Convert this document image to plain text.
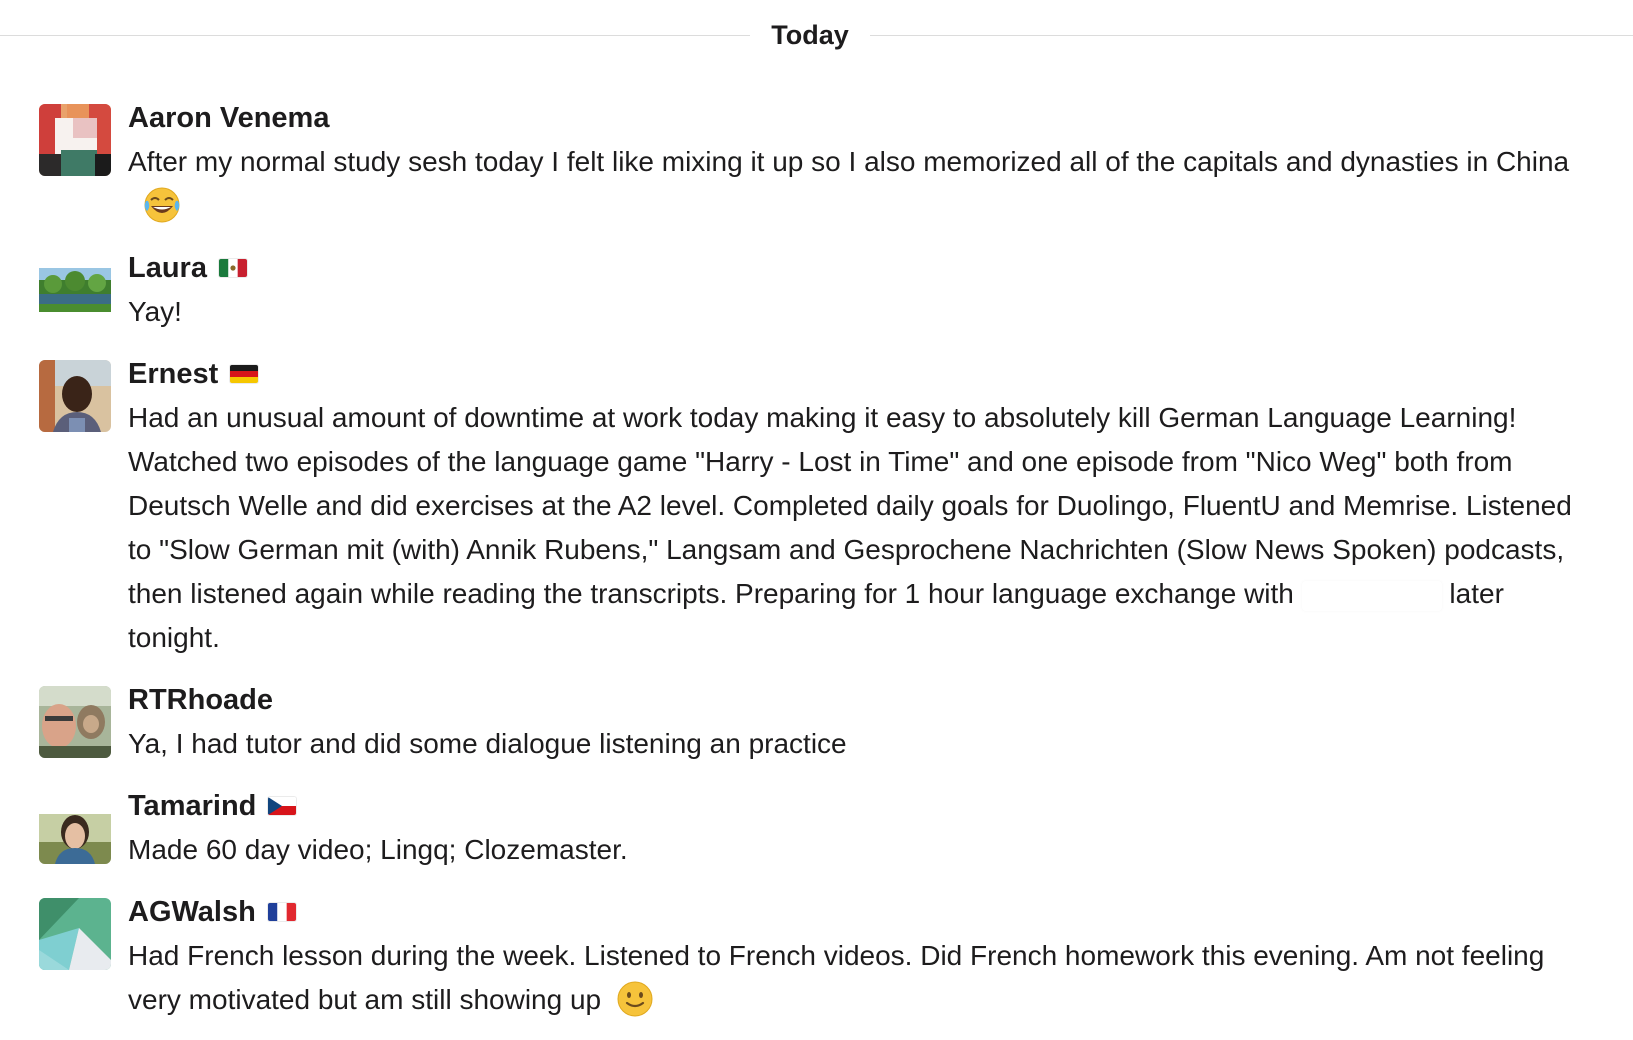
Today
Aaron Venema
After my normal study sesh today I felt like mixing it up so I also memorized all of the capitals and dynasties in China
Laura
Yay!
Ernest
Had an unusual amount of downtime at work today making it easy to absolutely kill German Language Learning! Watched two episodes of the language game "Harry - Lost in Time" and one episode from "Nico Weg" both from Deutsch Welle and did exercises at the A2 level. Completed daily goals for Duolingo, FluentU and Memrise. Listened to "Slow German mit (with) Annik Rubens," Langsam and Gesprochene Nachrichten (Slow News Spoken) podcasts, then listened again while reading the transcripts. Preparing for 1 hour language exchange with	later tonight.
RTRhoade
Ya, I had tutor and did some dialogue listening an practice
Tamarind
Made 60 day video; Lingq; Clozemaster.
AGWalsh
Had French lesson during the week. Listened to French videos. Did French homework this evening. Am not feeling very motivated but am still showing up
